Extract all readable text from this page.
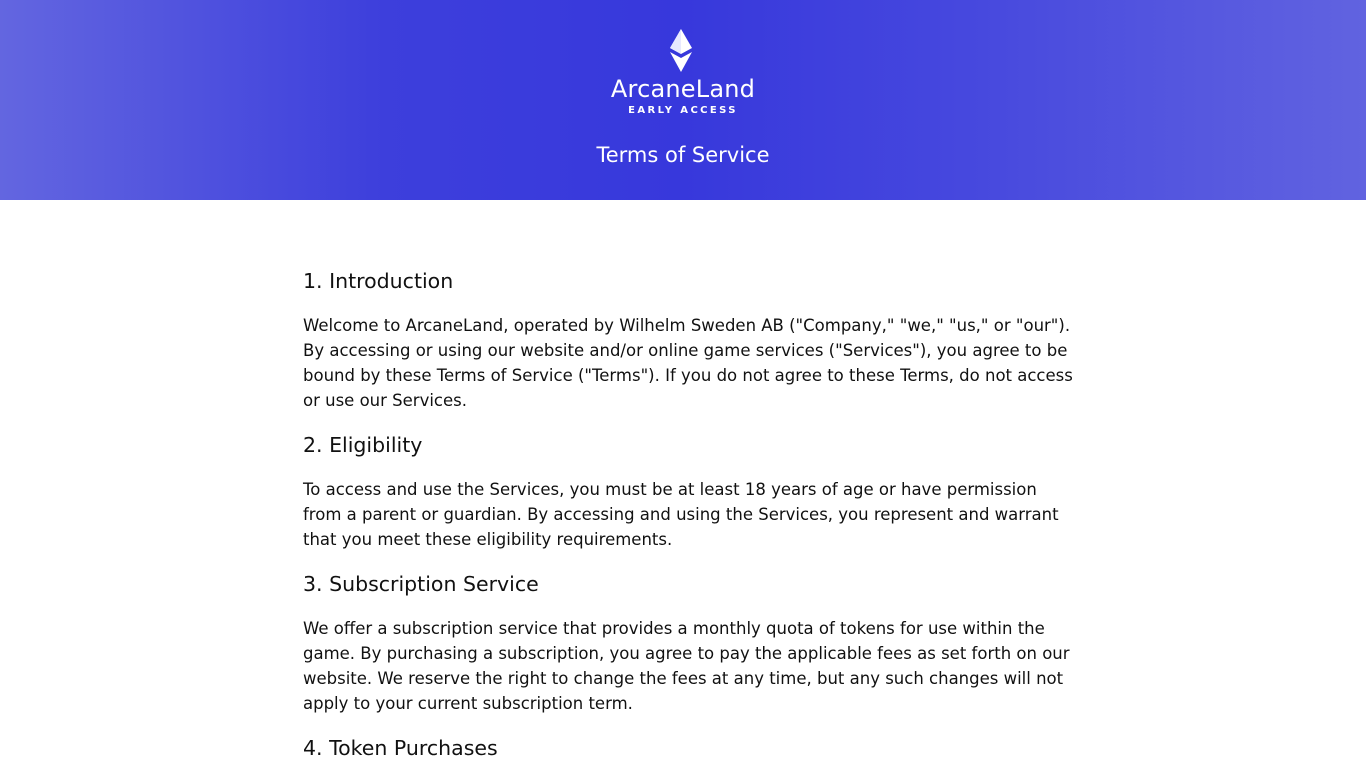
ArcaneLand
EARLY ACCESS
Terms of Service
1. Introduction

Welcome to ArcaneLand, operated by Wilhelm Sweden AB ("Company," "we," "us," or "our"). By accessing or using our website and/or online game services ("Services"), you agree to be bound by these Terms of Service ("Terms"). If you do not agree to these Terms, do not access or use our Services.

2. Eligibility

To access and use the Services, you must be at least 18 years of age or have permission from a parent or guardian. By accessing and using the Services, you represent and warrant that you meet these eligibility requirements.

3. Subscription Service

We offer a subscription service that provides a monthly quota of tokens for use within the game. By purchasing a subscription, you agree to pay the applicable fees as set forth on our website. We reserve the right to change the fees at any time, but any such changes will not apply to your current subscription term.

4. Token Purchases
